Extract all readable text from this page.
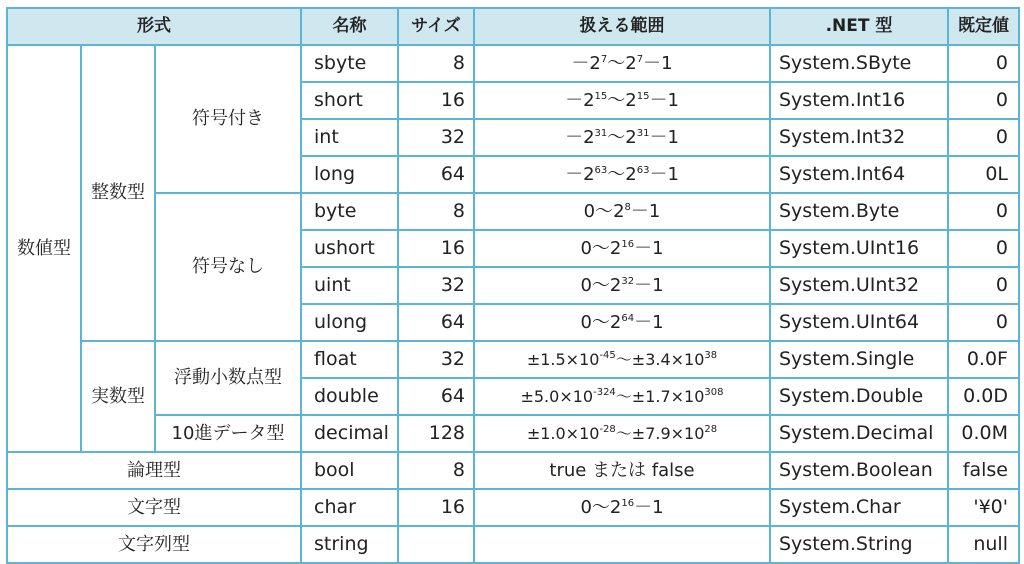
形式			名称	サイズ	扱える範囲	.NET 型	既定値
数値型	整数型	符号付き	sbyte	8	$-2^7\sim 2^7-1$	System.SByte	0
			short	16	$-2^{15}\sim 2^{15}-1$	System.Int16	0
			int	32	$-2^{31}\sim 2^{31}-1$	System.Int32	0
			long	64	$-2^{63}\sim 2^{63}-1$	System.Int64	0L
		符号なし	byte	8	$0\sim 2^8-1$	System.Byte	0
			ushort	16	$0\sim 2^{16}-1$	System.UInt16	0
			uint	32	$0\sim 2^{32}-1$	System.UInt32	0
			ulong	64	$0\sim 2^{64}-1$	System.UInt64	0
	実数型	浮動小数点型	float	32	$\pm 1.5\times 10^{-45}\sim\pm 3.4\times 10^{38}$	System.Single	0.0F
			double	64	$\pm 5.0\times 10^{-324}\sim\pm 1.7\times 10^{308}$	System.Double	0.0D
		10進データ型	decimal	128	$\pm 1.0\times 10^{-28}\sim\pm 7.9\times 10^{28}$	System.Decimal	0.0M
論理型			bool	8	true または false	System.Boolean	false
文字型			char	16	$0\sim 2^{16}-1$	System.Char	'¥0'
文字列型			string			System.String	null
